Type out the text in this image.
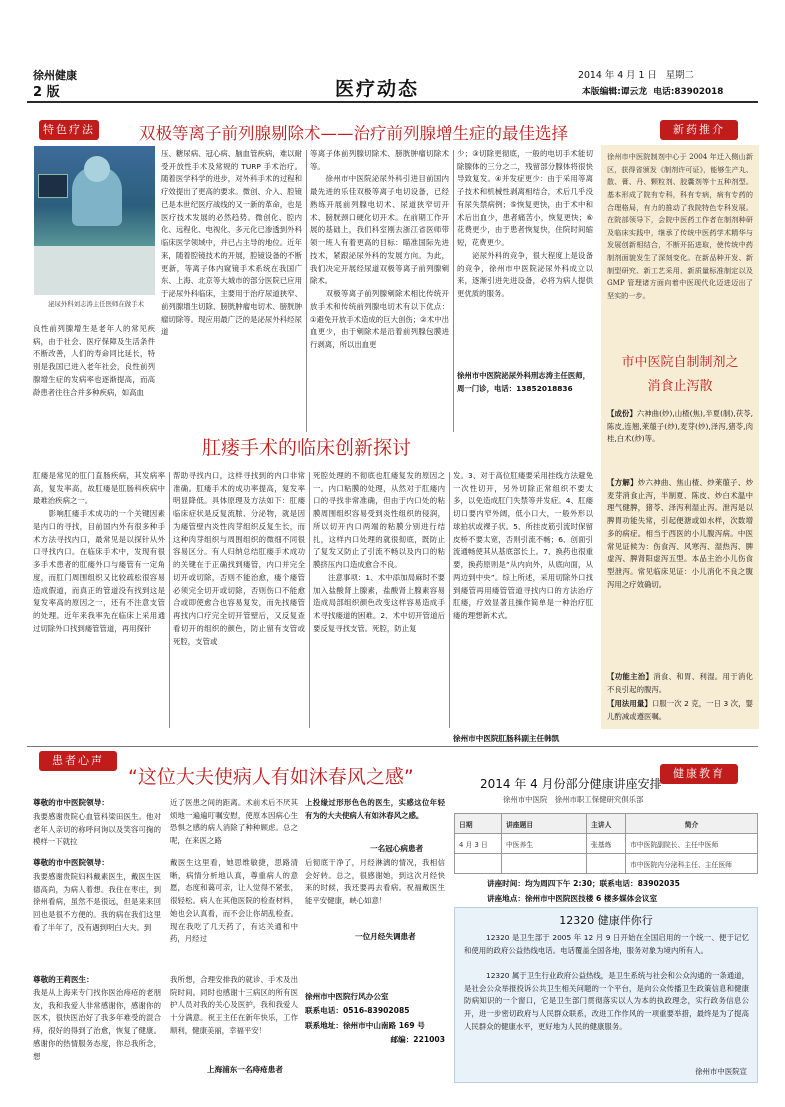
徐州健康
2 版	医疗动态
2014 年 4 月 1 日 星期二
本版编辑:谭云龙 电话:83902018
特色疗法	双极等离子前列腺剔除术——治疗前列腺增生症的最佳选择	新药推介
泌尿外科刘志涛主任医师在做手术
良性前列腺增生是老年人的常见疾病，由于社会、医疗保障及生活条件不断改善，人们的寿命同比延长，特别是我国已进入老年社会，良性前列腺增生症的发病率也逐渐提高，而高龄患者往往合并多种疾病，如高血
压、糖尿病、冠心病、脑血管疾病，难以耐受开放性手术及常规的 TURP 手术治疗。随着医学科学的进步，对外科手术的过程和疗效提出了更高的要求。微创、介入、腔镜已是本世纪医疗战线的又一新的革命，也是医疗技术发展的必然趋势。微创化、腔内化、远程化、电视化、多元化已渗透到外科临床医学领域中，并已占主导的地位。近年来，随着腔镜技术的开展，腔镜设备的不断更新，等离子体内窥镜手术系统在我国广东、上海、北京等大城市的部分医院已应用于泌尿外科临床，主要用于治疗尿道狭窄、前列腺增生切除、膀胱肿瘤电切术、膀胱肿瘤切除等。现应用最广泛的是泌尿外科经尿道
等离子体前列腺切除术、膀胱肿瘤切除术等。
　　徐州市中医院泌尿外科引进目前国内最先进的乐佳双极等离子电切设备，已经熟练开展前列腺电切术、尿道狭窄切开术、膀胱颈口硬化切开术。在前期工作开展的基础上，我们科室刚去浙江省医师带领一班人有着更高的目标：瞄准国际先进技术，紧跟泌尿外科的发展方向。为此，我们决定开展经尿道双极等离子前列腺剜除术。
　　双极等离子前列腺剜除术相比传统开放手术和传统前列腺电切术有以下优点：①避免开放手术造成的巨大创伤；②术中出血更少，由于剜除术是沿着前列腺包膜进行剥离，所以出血更
少；③切除更彻底，一般的电切手术能切除腺体的三分之二，残留部分腺体将很快导致复发。④并发症更少：由于采用等离子技术和机械性剥离相结合，术后几乎没有尿失禁病例；⑤恢复更快，由于术中和术后出血少，患者痛苦小，恢复更快；⑥花费更少，由于患者恢复快，住院时间缩短，花费更少。
　　泌尿外科的竞争，很大程度上是设备的竞争，徐州市中医院泌尿外科成立以来，逐渐引进先进设备，必将为病人提供更优质的服务。
徐州市中医院泌尿外科刑志涛主任医师，周一门诊，电话：13852018836
徐州市中医院制剂中心于 2004 年迁入侧山新区，获得省颁发《制剂许可证》，能够生产丸、散、膏、丹、颗粒剂、胶囊剂等十五种剂型。基本形成了院有专科，科有专病，病有专药的合理格局，有力的推动了我院特色专科发展。在院部领导下，会院中医药工作者在制剂种研及临床实践中，继承了传统中医药学术精华与发展创新相结合，不断开拓进取，使传统中药制剂面貌发生了深刻变化。在新品种开发、新制型研究、新工艺采用、新质量标准制定以及 GMP 管理诸方面向着中医现代化迈进迈出了坚实的一步。
市中医院自制制剂之
消食止泻散
【成份】六神曲(炒),山楂(焦),半夏(制),茯苓,陈皮,连翘,莱菔子(炒),麦芽(炒),泽泻,猪苓,肉桂,白术(炒)等。
【方解】炒六神曲、焦山楂、炒莱菔子、炒麦芽消食止泻，半制夏、陈皮、炒白术温中理气健脾，猪苓、泽泻利湿止泻。泄泻是以脾胃功能失常，引起便溏或如水样，次数增多的病症。相当于西医的小儿腹泻病。中医常见证候为：伤食泻、风寒泻、湿热泻、脾虚泻、脾肾阳虚泻五型。本品主治小儿伤食型泄泻。常见临床见证：小儿消化不良之腹泻用之疗效确切。
【功能主治】消食、和胃、利湿。用于消化不良引起的腹泻。
【用法用量】口服一次 2 克，一日 3 次，婴儿酌减或遵医嘱。
肛瘘手术的临床创新探讨
肛瘘是常见的肛门直肠疾病，其发病率高，复发率高，故肛瘘是肛肠科疾病中最难治疾病之一。
　　影响肛瘘手术成功的一个关键因素是内口的寻找，目前国内外有很多种手术方法寻找内口，最常见是以探针从外口寻找内口。在临床手术中，发现有很多手术患者的肛瘘外口与瘘管有一定角度，而肛门周围组织又比较疏松很容易造成假道，而真正的管道没有找到这是复发率高的原因之一，还有不注意支管的处理。近年来我率先在临床上采用通过切除外口找到瘘管管道，再用探针
帮助寻找内口，这样寻找到的内口非常准确。肛瘘手术的成功率提高，复发率明显降低。具体原理及方法如下：肛瘘临床症状是反复流脓、分泌物，就是因为瘘管壁内炎性肉芽组织反复生长，而这种肉芽组织与周围组织的微细不同很容易区分。有人归纳总结肛瘘手术成功的关键在于正确找到瘘管，内口并完全切开或切除，否则不能治愈，瘘个瘘管必须完全切开或切除，否则伤口不能愈合或即使愈合也容易复发，而先找瘘管再找内口疗完全切开管壁后，又反复查看切开的组织的颜色，防止留有支管或死腔，支管或
死腔处理的不彻底也肛瘘复发的原因之一。内口粘膜的处理，从然对于肛瘘内口的寻找非常准确，但由于内口处的粘膜周围组织容易受到炎性组织的侵润，所以切开内口两端的粘膜分别进行结扎，这样内口处理的就很彻底，既防止了复发又防止了引流不畅以及内口的粘膜挤压内口造成愈合不良。
　　注意事项：1、术中添加局麻时不要加入盐酸肾上腺素，盐酸肾上腺素容易造成局部组织颜色改变这样容易造成手术寻找瘘道的困难。2、术中切开管道后要反复寻找支管。死腔，防止复
发。3、对于高位肛瘘要采用挂线方法避免一次性切开，另外切除正常组织不要太多，以免造成肛门失禁等并发症。4、肛瘘切口要内窄外阔，低小口大，一般外形以球拍状或裸子状。5、所挂皮筋引流时保留皮桥不要太宽，否则引流不畅；6、创面引流通畅使其从基底部长上。7、换药也很重要，换药原则是“从内向外，从底向面，从两边到中央”。综上所述，采用切除外口找到瘘管再用瘘管管道寻找内口的方法治疗肛瘘，疗效显著且操作简单是一种治疗肛瘘的理想新术式。
徐州市中医院肛肠科副主任韩凯
患者心声
“这位大夫使病人有如沐春风之感”
尊敬的市中医院领导：
我要感谢贵院心血管科梁田医生。他对老年人亲切的称呼问询以及笑容可掬的模样一下就拉
近了医患之间的距离。术前术后不厌其烦地一遍遍叮嘱安慰，使原本因病心生恐惧之感的病人消除了种种顾虑。总之呢，在来医之路
上投缘过形形色色的医生，实感这位年轻有为的大夫使病人有如沐春风之感。
一名冠心病患者
尊敬的市中医院领导：
我要感谢贵院妇科戴素医生，戴医生医德高尚，为病人着想。我住在枣庄，到徐州看病，虽然不是很远，但是来来回回也是很不方便的。我的病在我们这里看了半年了，没有遇到明白大夫。到
戴医生这里看，她思维敏捷，思路清晰，病情分析地认真，尊重病人的意愿，态度和蔼可亲，让人觉得不紧张，很轻松。病人在其他医院的检查材料，她也会认真看，而不会让你胡乱检查。现在我吃了几天药了，有达关通和中药，月经过
后彻底干净了，月经淋漓的情况，我相信会好转。总之，很感谢她，到这次月经快来的时候，我还要再去看病。祝福戴医生能平安健康，峡心如意！
一位月经失调患者
尊敬的王莉医生：
我是从上海来专门找你医治痔疮的老朋友，我和我爱人非常感谢你，感谢你的医术，很快医治好了我多年难受的混合痔，很好的得到了治愈，恢复了健康。感谢你的热情服务态度，你总我所念，想
我所想，合理安排我的就诊、手术及出院时间。同时也感谢十三病区的所有医护人员对我的关心及医护，我和我爱人十分满意。祝王主任在新年快乐，工作顺利，健康美丽，幸福平安！
上海浦东一名痔疮患者
徐州市中医院行风办公室
联系电话：0516-83902085
联系地址：徐州市中山南路 169 号
邮编：221003
健康教育
2014 年 4 月份部分健康讲座安排
徐州市中医院　徐州市职工保健研究俱乐部
日期	讲座题目	主讲人	简介
4 月 3 日	中医养生	张基炼	市中医院副院长、主任中医师
			市中医院内分泌科主任、主任医师
讲座时间：均为周四下午 2:30；联系电话：83902035
讲座地点：徐州市中医院医技楼 6 楼多媒体会议室
12320 健康伴你行
12320 是卫生部于 2005 年 12 月 9 日开始在全国启用的一个统一、便于记忆和使用的政府公益热线电话。电话覆盖全国各地，服务对象为境内所有人。
12320 属于卫生行业政府公益热线，是卫生系统与社会和公众沟通的一条通道，是社会公众举报投诉公共卫生相关问题的一个平台，是向公众传播卫生政策信息和健康防病知识的一个窗口，它是卫生部门贯彻落实以人为本的执政理念，实行政务信息公开，进一步密切政府与人民群众联系，改进工作作风的一项重要举措，最终是为了提高人民群众的健康水平，更好地为人民的健康服务。
徐州市中医院宣
